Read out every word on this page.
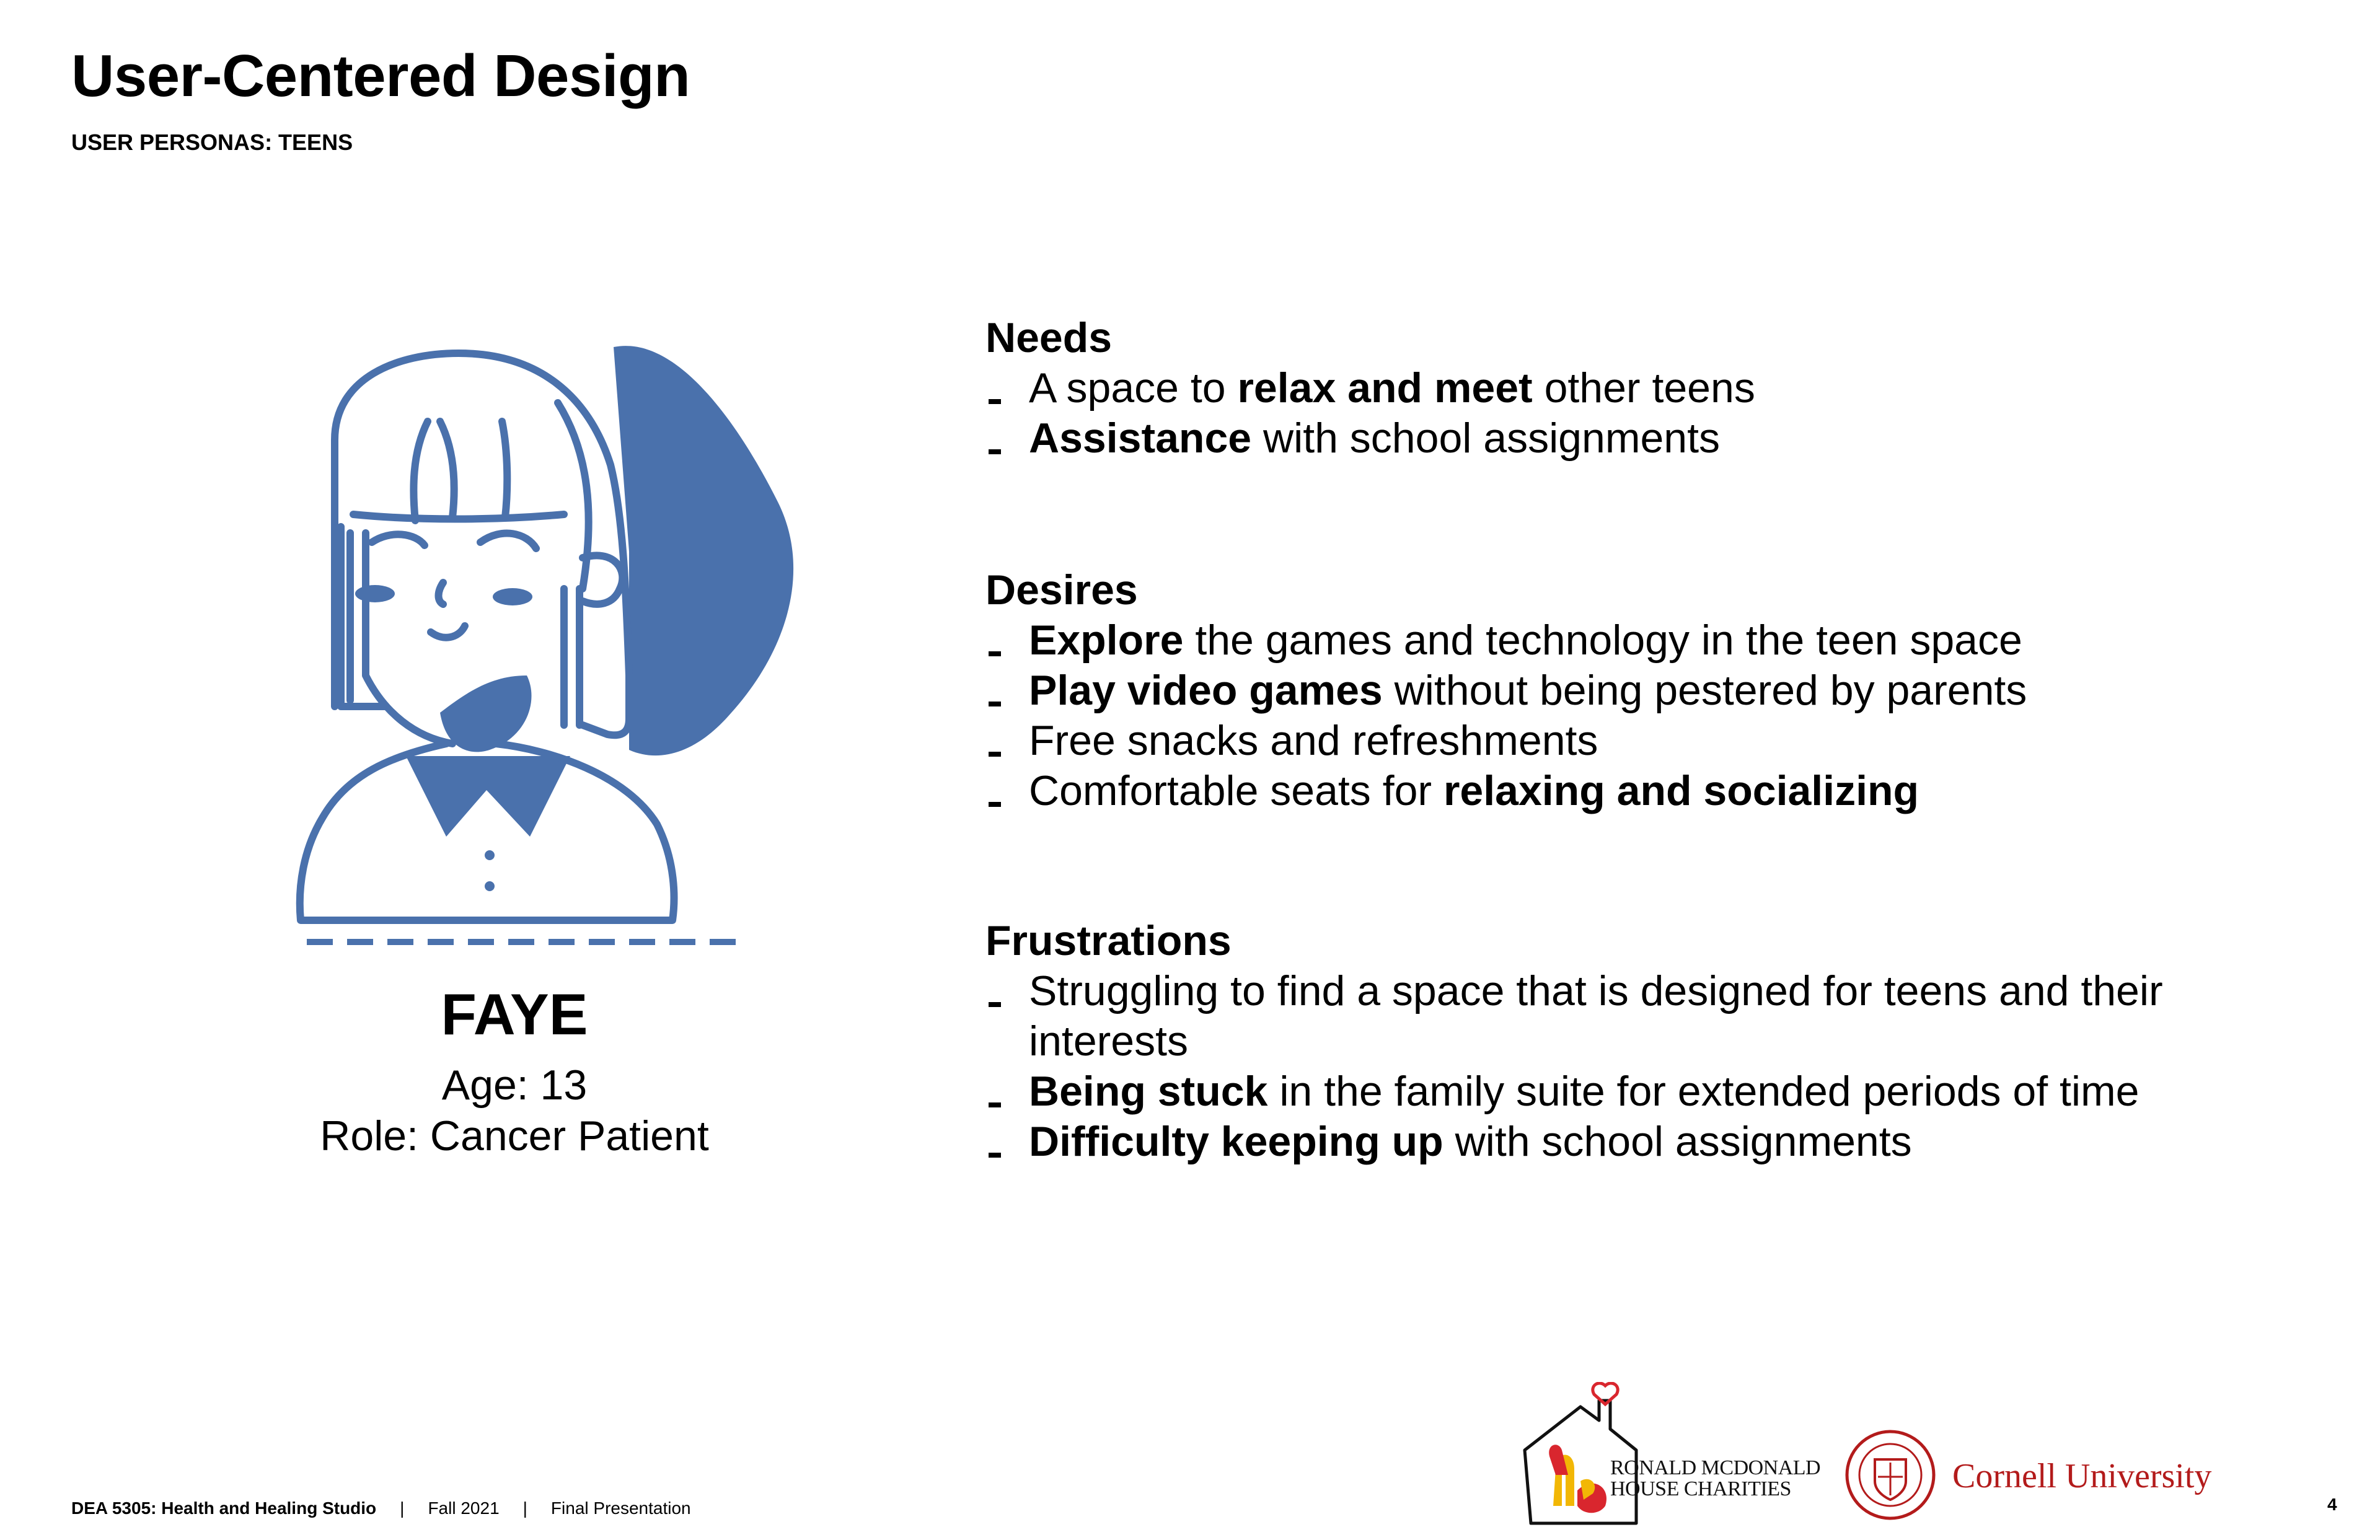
User-Centered Design
USER PERSONAS: TEENS
FAYE
Age: 13
Role: Cancer Patient
Needs
A space to relax and meet other teens
Assistance with school assignments
Desires
Explore the games and technology in the teen space
Play video games without being pestered by parents
Free snacks and refreshments
Comfortable seats for relaxing and socializing
Frustrations
Struggling to find a space that is designed for teens and their interests
Being stuck in the family suite for extended periods of time
Difficulty keeping up with school assignments
DEA 5305: Health and Healing Studio | Fall 2021 | Final Presentation	4
RONALD MCDONALD
HOUSE CHARITIES	Cornell University
